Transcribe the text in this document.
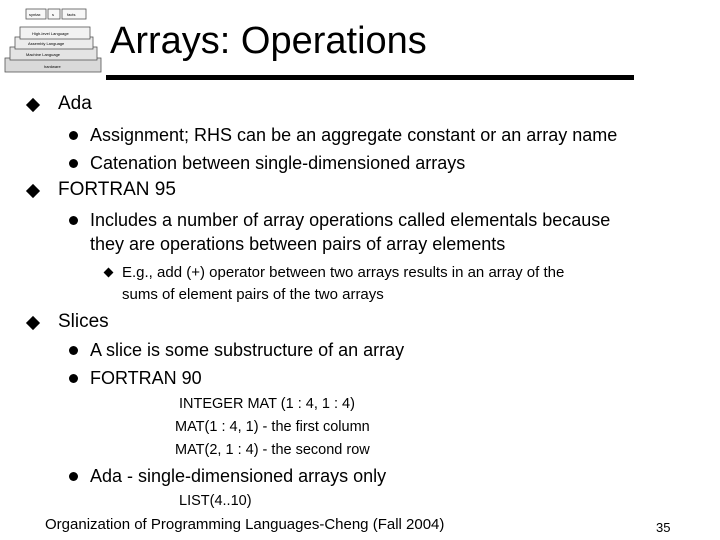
syntax	s	facts
High-level Language
Assembly Language
Machine Language
hardware
Arrays: Operations
Ada
Assignment; RHS can be an aggregate constant or an array name
Catenation between single-dimensioned arrays
FORTRAN 95
Includes a number of array operations called elementals because
they are operations between pairs of array elements
E.g., add (+) operator between two arrays results in an array of the
sums of element pairs of the two arrays
Slices
A slice is some substructure of an array
FORTRAN 90
INTEGER MAT (1 : 4, 1 : 4)
MAT(1 : 4, 1) - the first column
MAT(2, 1 : 4) - the second row
Ada - single-dimensioned arrays only
LIST(4..10)
Organization of Programming Languages-Cheng (Fall 2004)	35
